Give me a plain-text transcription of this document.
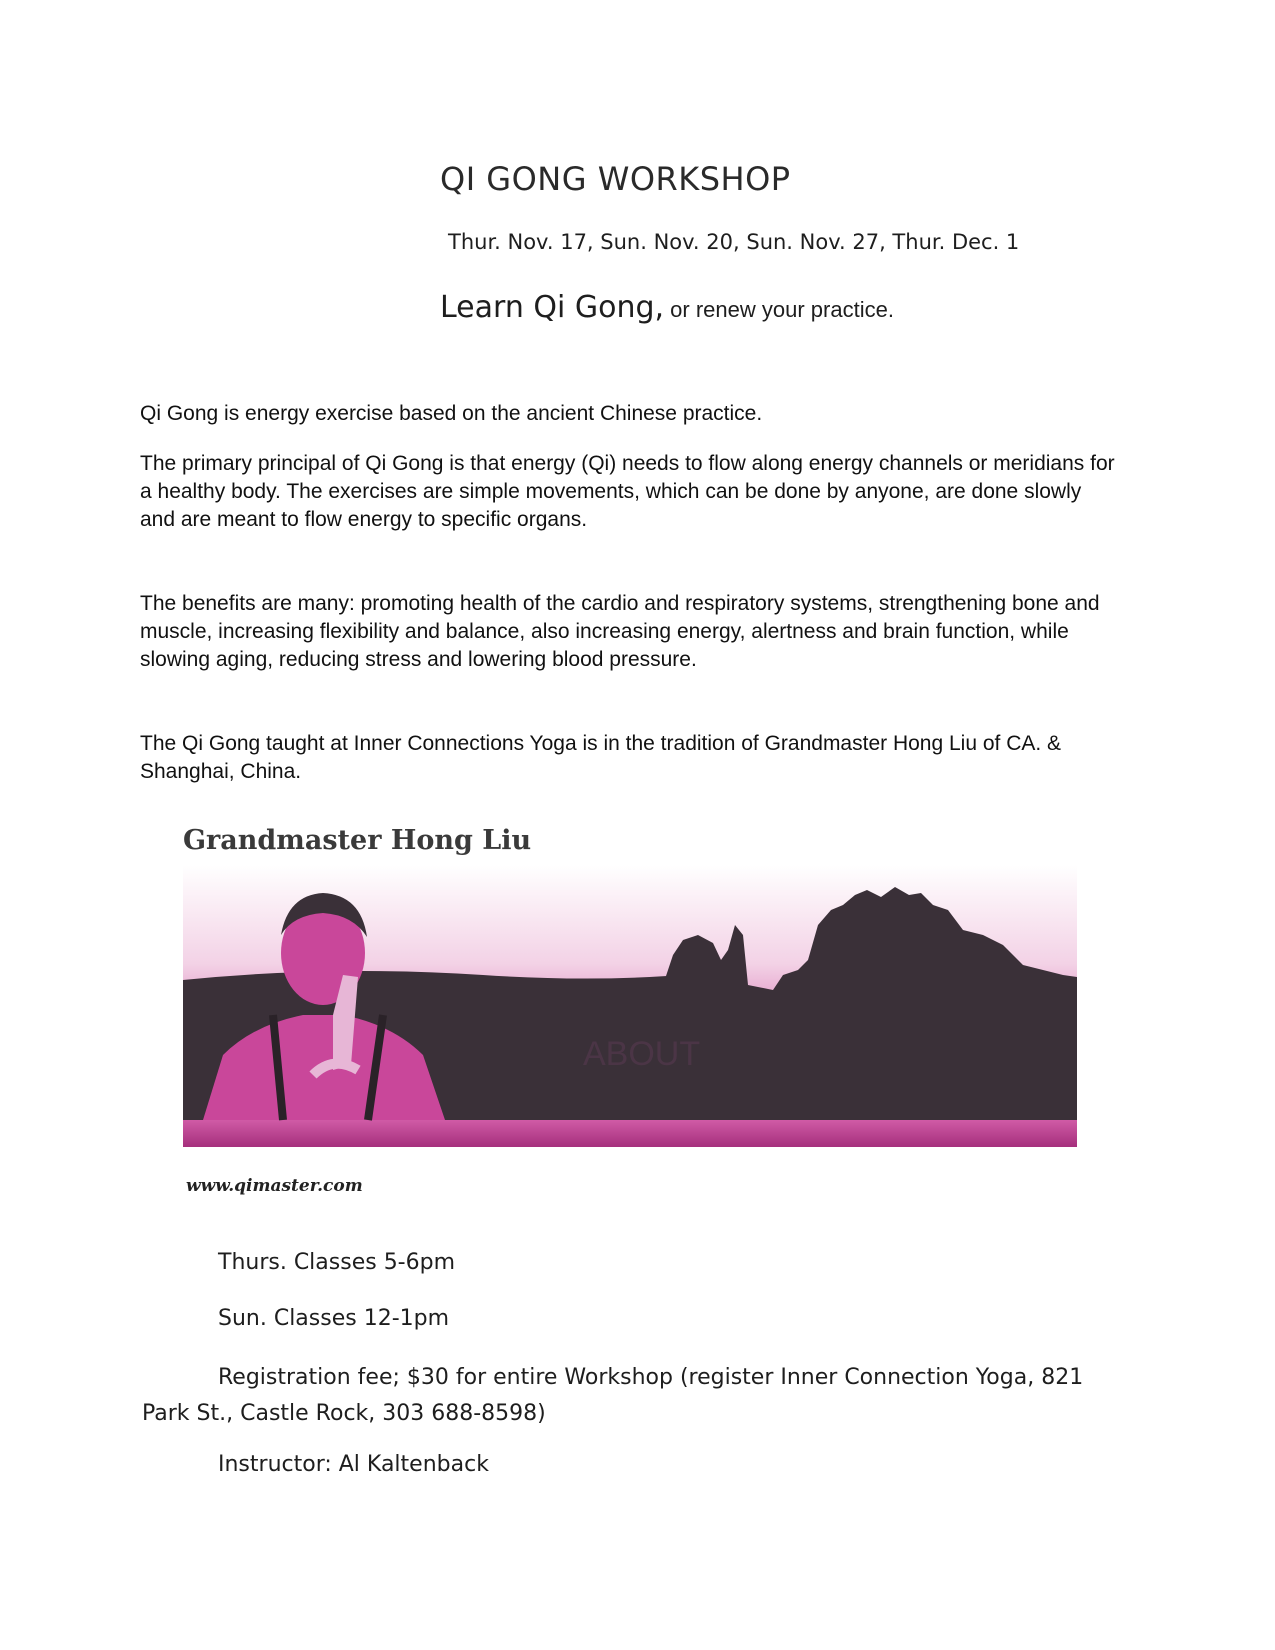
QI GONG WORKSHOP
Thur. Nov. 17, Sun. Nov. 20, Sun. Nov. 27, Thur. Dec. 1
Learn Qi Gong, or renew your practice.

Qi Gong is energy exercise based on the ancient Chinese practice.

The primary principal of Qi Gong is that energy (Qi) needs to flow along energy channels or meridians for a healthy body. The exercises are simple movements, which can be done by anyone, are done slowly and are meant to flow energy to specific organs.

The benefits are many: promoting health of the cardio and respiratory systems, strengthening bone and muscle, increasing flexibility and balance, also increasing energy, alertness and brain function, while slowing aging, reducing stress and lowering blood pressure.

The Qi Gong taught at Inner Connections Yoga is in the tradition of Grandmaster Hong Liu of CA. & Shanghai, China.

Grandmaster Hong Liu
ABOUT
www.qimaster.com
Thurs. Classes 5-6pm
Sun. Classes 12-1pm
Registration fee; $30 for entire Workshop (register Inner Connection Yoga, 821 Park St., Castle Rock, 303 688-8598)
Instructor: Al Kaltenback
